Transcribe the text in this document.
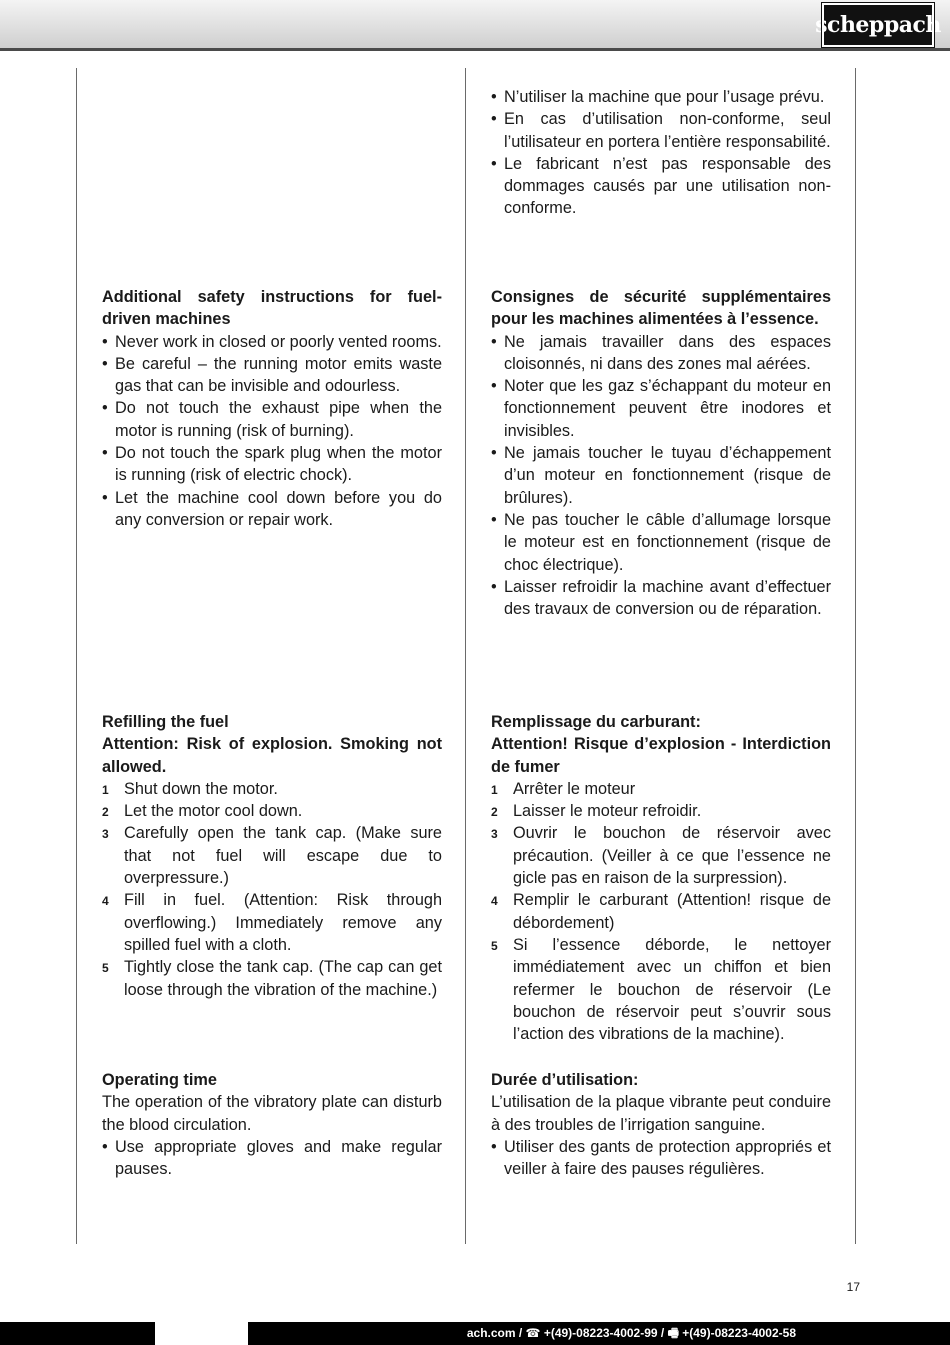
scheppach

Additional safety instructions for fuel-driven machines

• Never work in closed or poorly vented rooms.
• Be careful – the running motor emits waste gas that can be invisible and odourless.
• Do not touch the exhaust pipe when the motor is running (risk of burning).
• Do not touch the spark plug when the motor is running (risk of electric chock).
• Let the machine cool down before you do any conversion or repair work.

Refilling the fuel

Attention: Risk of explosion. Smoking not allowed.

1 Shut down the motor.
2 Let the motor cool down.
3 Carefully open the tank cap. (Make sure that not fuel will escape due to overpressure.)
4 Fill in fuel. (Attention: Risk through overflowing.) Immediately remove any spilled fuel with a cloth.
5 Tightly close the tank cap. (The cap can get loose through the vibration of the machine.)

Operating time

The operation of the vibratory plate can disturb the blood circulation.

• Use appropriate gloves and make regular pauses.
• N’utiliser la machine que pour l’usage prévu.
• En cas d’utilisation non-conforme, seul l’utilisateur en portera l’entière responsabilité.
• Le fabricant n’est pas responsable des dommages causés par une utilisation non-conforme.

Consignes de sécurité supplémentaires pour les machines alimentées à l’essence.

• Ne jamais travailler dans des espaces cloisonnés, ni dans des zones mal aérées.
• Noter que les gaz s’échappant du moteur en fonctionnement peuvent être inodores et invisibles.
• Ne jamais toucher le tuyau d’échappement d’un moteur en fonctionnement (risque de brûlures).
• Ne pas toucher le câble d’allumage lorsque le moteur est en fonctionnement (risque de choc électrique).
• Laisser refroidir la machine avant d’effectuer des travaux de conversion ou de réparation.

Remplissage du carburant:

Attention! Risque d’explosion - Interdiction de fumer

1 Arrêter le moteur
2 Laisser le moteur refroidir.
3 Ouvrir le bouchon de réservoir avec précaution. (Veiller à ce que l’essence ne gicle pas en raison de la surpression).
4 Remplir le carburant (Attention! risque de débordement)
5 Si l’essence déborde, le nettoyer immédiatement avec un chiffon et bien refermer le bouchon de réservoir (Le bouchon de réservoir peut s’ouvrir sous l’action des vibrations de la machine).

Durée d’utilisation:

L’utilisation de la plaque vibrante peut conduire à des troubles de l’irrigation sanguine.

• Utiliser des gants de protection appropriés et veiller à faire des pauses régulières.
17
ach.com / ☎ +(49)-08223-4002-99 / 🖷 +(49)-08223-4002-58
